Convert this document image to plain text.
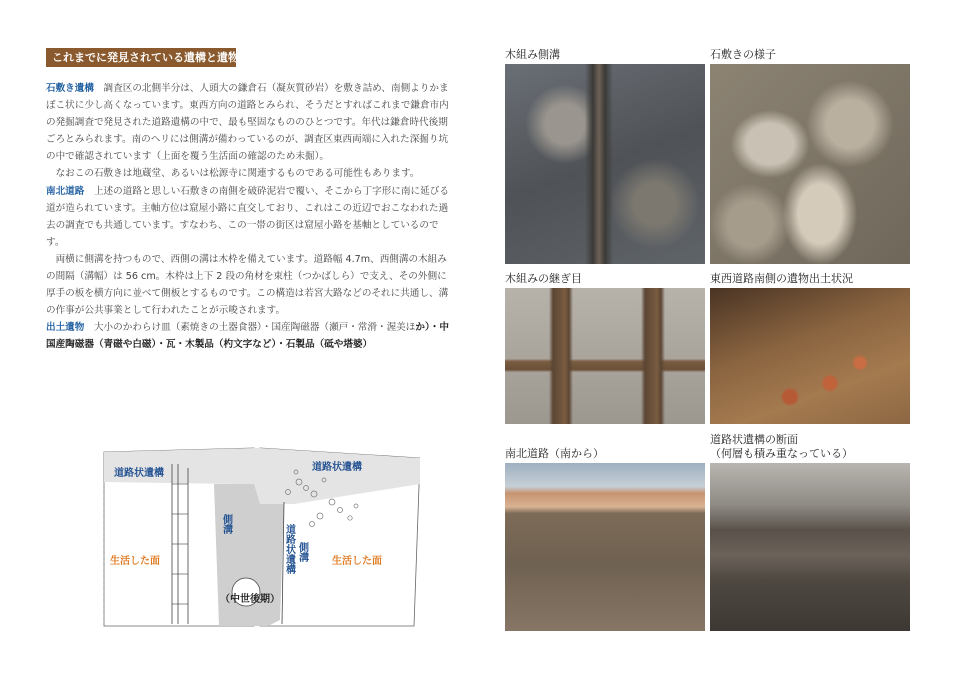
これまでに発見されている遺構と遺物

石敷き遺構　調査区の北側半分は、人頭大の鎌倉石（凝灰質砂岩）を敷き詰め、南側よりかまぼこ状に少し高くなっています。東西方向の道路とみられ、そうだとすればこれまで鎌倉市内の発掘調査で発見された道路遺構の中で、最も堅固なもののひとつです。年代は鎌倉時代後期ごろとみられます。南のヘリには側溝が備わっているのが、調査区東西両端に入れた深掘り坑の中で確認されています（上面を覆う生活面の確認のため未掘）。

　なおこの石敷きは地蔵堂、あるいは松源寺に関連するものである可能性もあります。

南北道路　上述の道路と思しい石敷きの南側を破砕泥岩で覆い、そこから丁字形に南に延びる道が造られています。主軸方位は窟屋小路に直交しており、これはこの近辺でおこなわれた過去の調査でも共通しています。すなわち、この一帯の街区は窟屋小路を基軸としているのです。

　両横に側溝を持つもので、西側の溝は木枠を備えています。道路幅 4.7m、西側溝の木組みの間隔（溝幅）は 56 cm。木枠は上下 2 段の角材を束柱（つかばしら）で支え、その外側に厚手の板を横方向に並べて側板とするものです。この構造は若宮大路などのそれに共通し、溝の作事が公共事業として行われたことが示唆されます。

出土遺物　大小のかわらけ皿（素焼きの土器食器）・国産陶磁器（瀬戸・常滑・渥美ほか）・中国産陶磁器（青磁や白磁）・瓦・木製品（杓文字など）・石製品（砥や塔婆）

道路状遺構
道路状遺構
側溝	道路状遺構 側溝
生活した面	生活した面
（中世後期）
木組み側溝	石敷きの様子
木組みの継ぎ目	東西道路南側の遺物出土状況
南北道路（南から）
道路状遺構の断面
（何層も積み重なっている）
